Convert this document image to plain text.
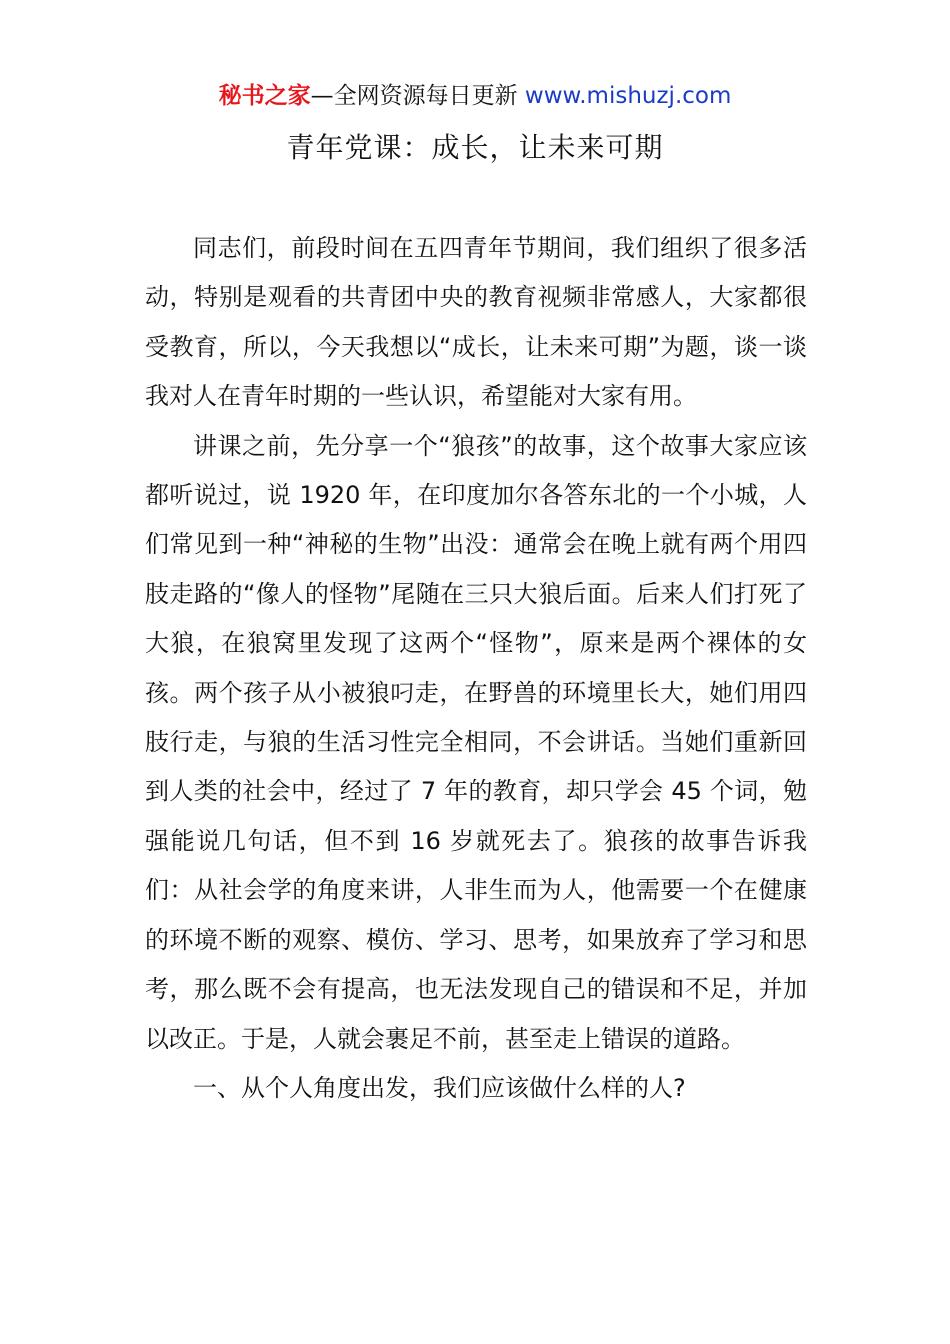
秘书之家—全网资源每日更新 www.mishuzj.com
青年党课：成长，让未来可期

同志们，前段时间在五四青年节期间，我们组织了很多活动，特别是观看的共青团中央的教育视频非常感人，大家都很受教育，所以，今天我想以“成长，让未来可期”为题，谈一谈我对人在青年时期的一些认识，希望能对大家有用。

讲课之前，先分享一个“狼孩”的故事，这个故事大家应该都听说过，说 1920 年，在印度加尔各答东北的一个小城，人们常见到一种“神秘的生物”出没：通常会在晚上就有两个用四肢走路的“像人的怪物”尾随在三只大狼后面。后来人们打死了大狼，在狼窝里发现了这两个“怪物”，原来是两个裸体的女孩。两个孩子从小被狼叼走，在野兽的环境里长大，她们用四肢行走，与狼的生活习性完全相同，不会讲话。当她们重新回到人类的社会中，经过了 7 年的教育，却只学会 45 个词，勉强能说几句话，但不到 16 岁就死去了。狼孩的故事告诉我们：从社会学的角度来讲，人非生而为人，他需要一个在健康的环境不断的观察、模仿、学习、思考，如果放弃了学习和思考，那么既不会有提高，也无法发现自己的错误和不足，并加以改正。于是，人就会裹足不前，甚至走上错误的道路。

一、从个人角度出发，我们应该做什么样的人?
